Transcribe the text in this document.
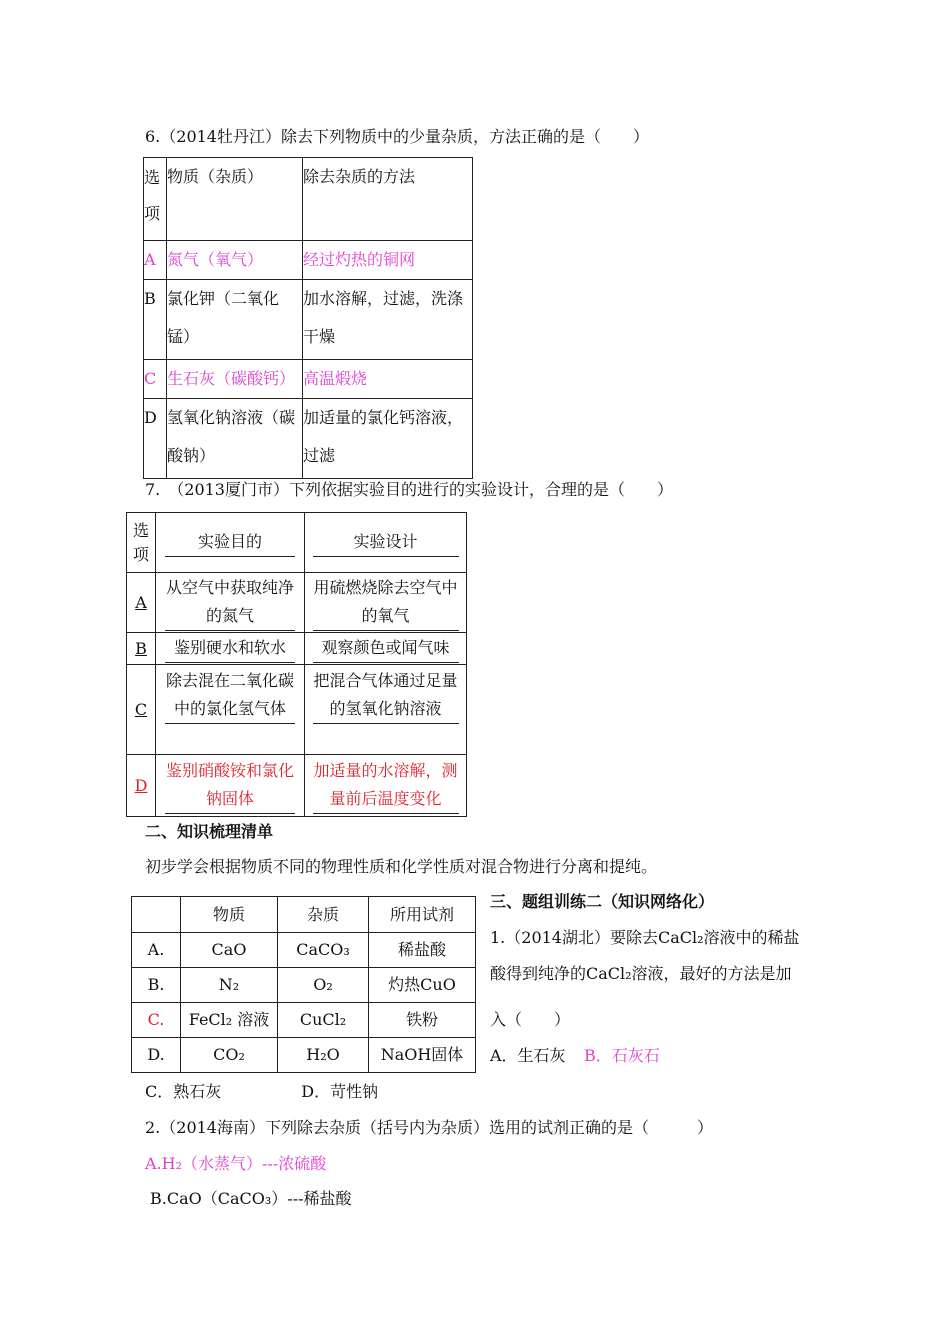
6.（2014牡丹江）除去下列物质中的少量杂质，方法正确的是（　　）
选项	物质（杂质）	除去杂质的方法
A	氮气（氧气）	经过灼热的铜网
B	氯化钾（二氧化锰）	加水溶解，过滤，洗涤干燥
C	生石灰（碳酸钙）	高温煅烧
D	氢氧化钠溶液（碳酸钠）	加适量的氯化钙溶液，过滤
7.　（2013厦门市）下列依据实验目的进行的实验设计，合理的是（　　）
选项	实验目的	实验设计
A	从空气中获取纯净的氮气	用硫燃烧除去空气中的氧气
B	鉴别硬水和软水	观察颜色或闻气味
C	除去混在二氧化碳中的氯化氢气体	把混合气体通过足量的氢氧化钠溶液
D	鉴别硝酸铵和氯化钠固体	加适量的水溶解，测量前后温度变化
二、知识梳理清单
初步学会根据物质不同的物理性质和化学性质对混合物进行分离和提纯。
	物质	杂质	所用试剂
A.	CaO	CaCO₃	稀盐酸
B.	N₂	O₂	灼热CuO
C.	FeCl₂ 溶液	CuCl₂	铁粉
D.	CO₂	H₂O	NaOH固体
三、题组训练二（知识网络化）
1.（2014湖北）要除去CaCl₂溶液中的稀盐
酸得到纯净的CaCl₂溶液，最好的方法是加
入（　　）
A．生石灰 B．石灰石
C．熟石灰　　　　　D．苛性钠
2.（2014海南）下列除去杂质（括号内为杂质）选用的试剂正确的是（　　　）
A.H₂（水蒸气）---浓硫酸
B.CaO（CaCO₃）---稀盐酸
